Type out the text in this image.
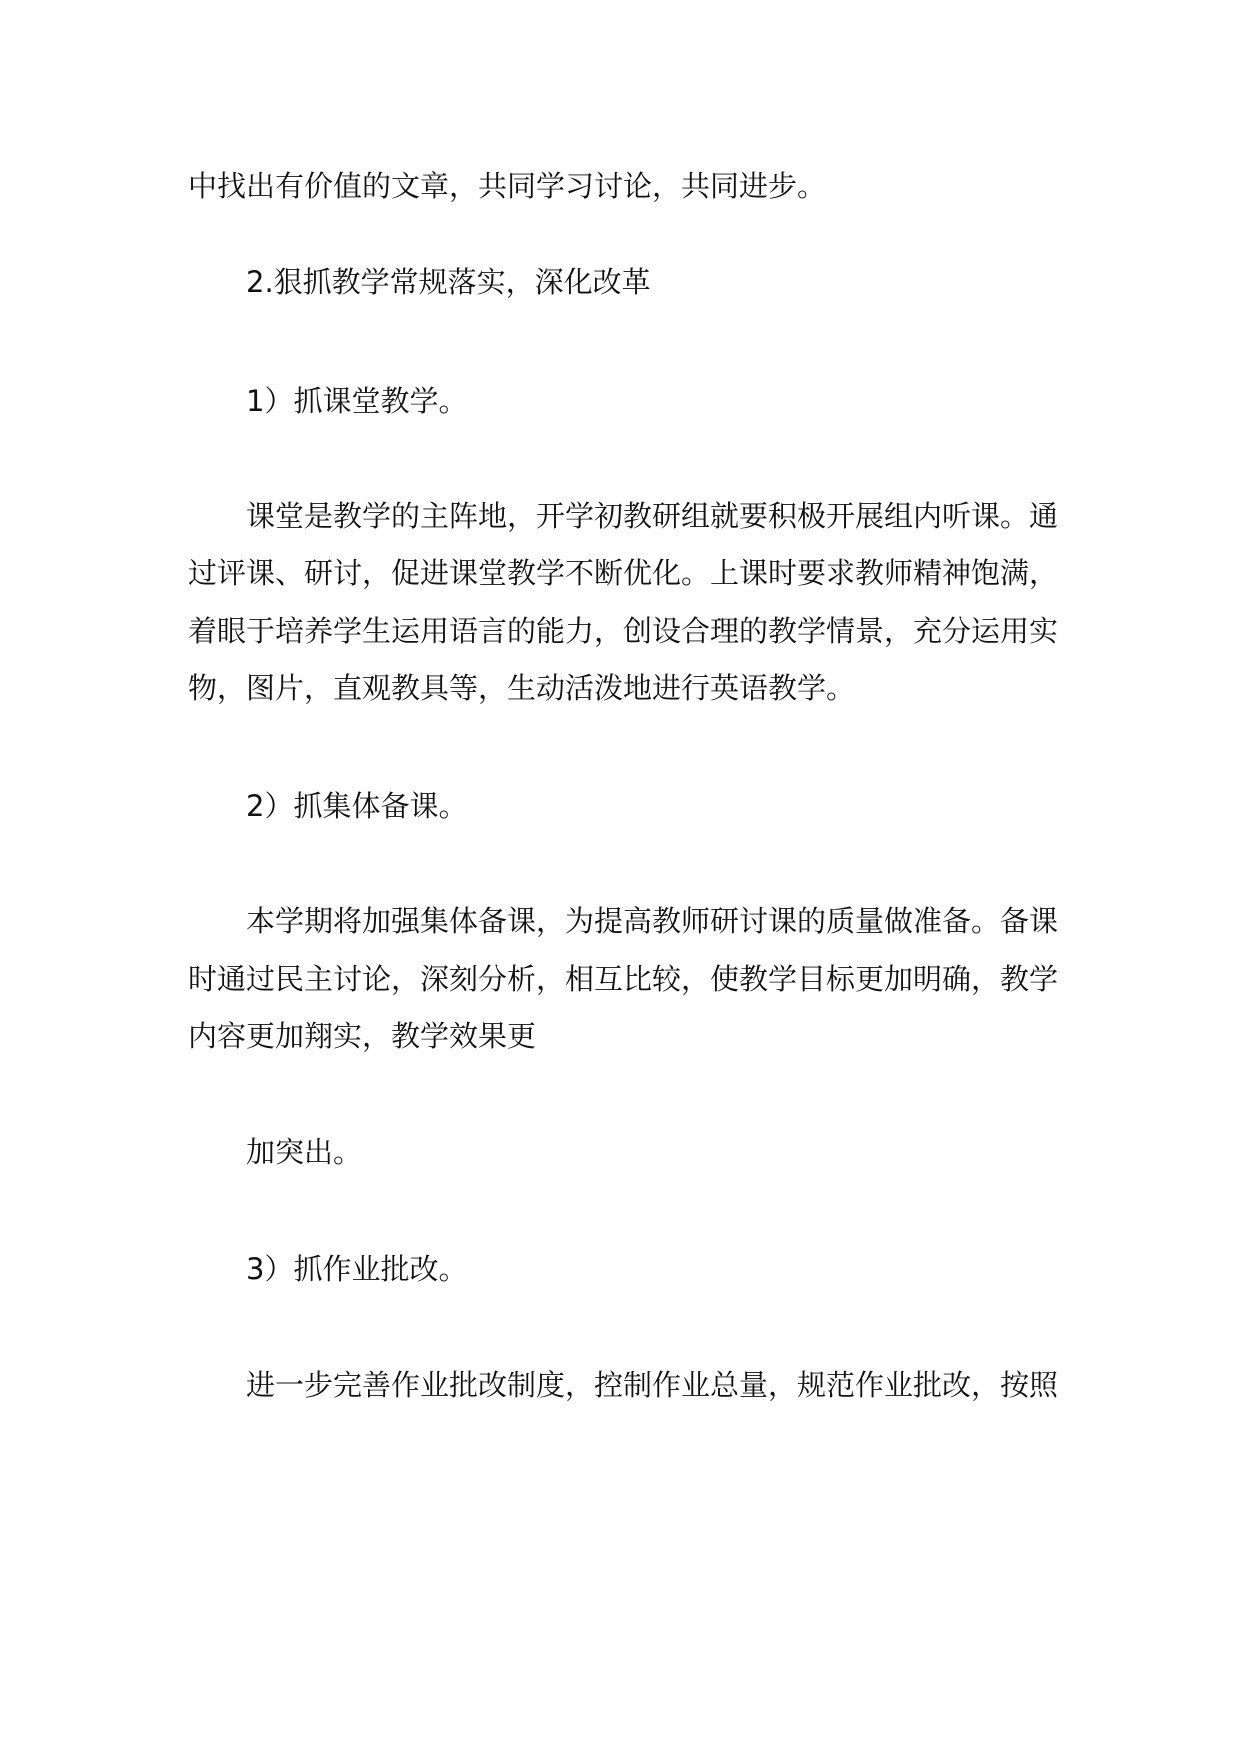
中找出有价值的文章，共同学习讨论，共同进步。
2.狠抓教学常规落实，深化改革
1）抓课堂教学。
课堂是教学的主阵地，开学初教研组就要积极开展组内听课。通
过评课、研讨，促进课堂教学不断优化。上课时要求教师精神饱满，
着眼于培养学生运用语言的能力，创设合理的教学情景，充分运用实
物，图片，直观教具等，生动活泼地进行英语教学。
2）抓集体备课。
本学期将加强集体备课，为提高教师研讨课的质量做准备。备课
时通过民主讨论，深刻分析，相互比较，使教学目标更加明确，教学
内容更加翔实，教学效果更
加突出。
3）抓作业批改。
进一步完善作业批改制度，控制作业总量，规范作业批改，按照
